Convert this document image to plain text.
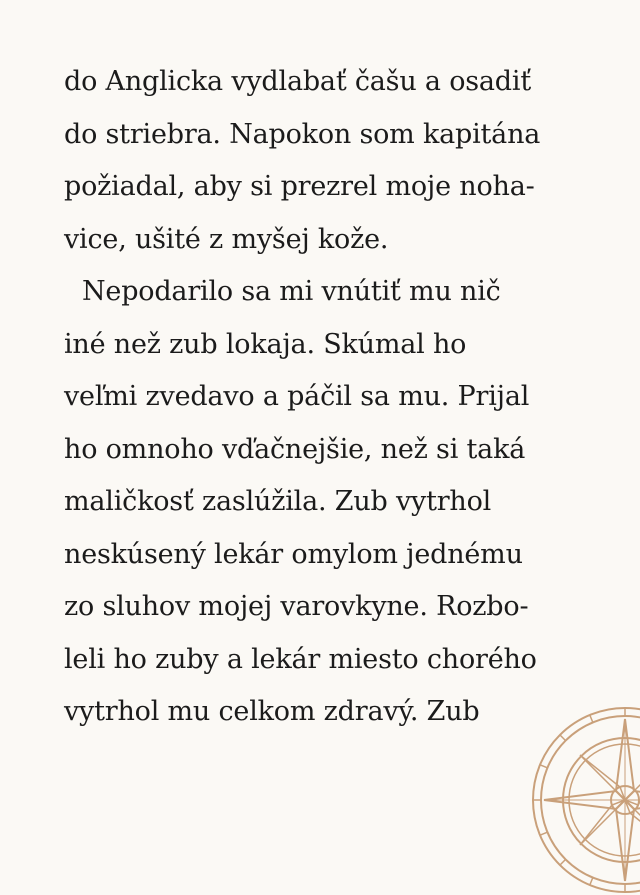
do Anglicka vydlabať čašu a osadiť
do striebra. Napokon som kapitána
požiadal, aby si prezrel moje noha-
vice, ušité z myšej kože.
Nepodarilo sa mi vnútiť mu nič
iné než zub lokaja. Skúmal ho
veľmi zvedavo a páčil sa mu. Prijal
ho omnoho vďačnejšie, než si taká
maličkosť zaslúžila. Zub vytrhol
neskúsený lekár omylom jednému
zo sluhov mojej varovkyne. Rozbo-
leli ho zuby a lekár miesto chorého
vytrhol mu celkom zdravý. Zub
